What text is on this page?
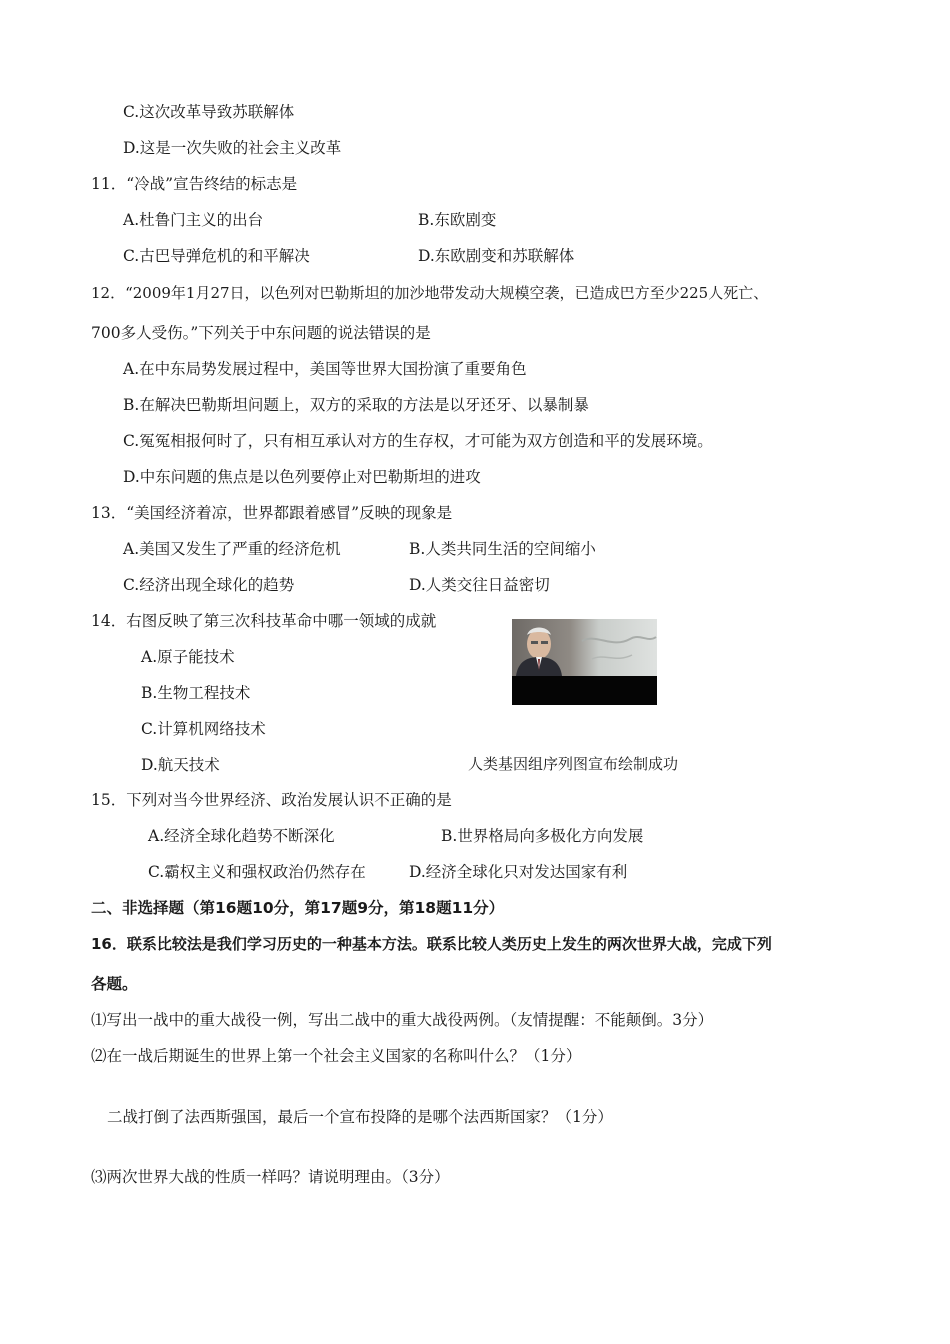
C.这次改革导致苏联解体
D.这是一次失败的社会主义改革
11．“冷战”宣告终结的标志是
A.杜鲁门主义的出台	B.东欧剧变
C.古巴导弹危机的和平解决	D.东欧剧变和苏联解体
12．“2009年1月27日，以色列对巴勒斯坦的加沙地带发动大规模空袭，已造成巴方至少225人死亡、
700多人受伤。”下列关于中东问题的说法错误的是
A.在中东局势发展过程中，美国等世界大国扮演了重要角色
B.在解决巴勒斯坦问题上，双方的采取的方法是以牙还牙、以暴制暴
C.冤冤相报何时了，只有相互承认对方的生存权，才可能为双方创造和平的发展环境。
D.中东问题的焦点是以色列要停止对巴勒斯坦的进攻
13．“美国经济着凉，世界都跟着感冒”反映的现象是
A.美国又发生了严重的经济危机	B.人类共同生活的空间缩小
C.经济出现全球化的趋势	D.人类交往日益密切
14．右图反映了第三次科技革命中哪一领域的成就
A.原子能技术
B.生物工程技术
C.计算机网络技术
D.航天技术	人类基因组序列图宣布绘制成功
15．下列对当今世界经济、政治发展认识不正确的是
A.经济全球化趋势不断深化	B.世界格局向多极化方向发展
C.霸权主义和强权政治仍然存在	D.经济全球化只对发达国家有利
二、非选择题（第16题10分，第17题9分，第18题11分）
16．联系比较法是我们学习历史的一种基本方法。联系比较人类历史上发生的两次世界大战，完成下列
各题。
⑴写出一战中的重大战役一例，写出二战中的重大战役两例。（友情提醒：不能颠倒。3分）
⑵在一战后期诞生的世界上第一个社会主义国家的名称叫什么？（1分）
二战打倒了法西斯强国，最后一个宣布投降的是哪个法西斯国家？（1分）
⑶两次世界大战的性质一样吗？请说明理由。（3分）
